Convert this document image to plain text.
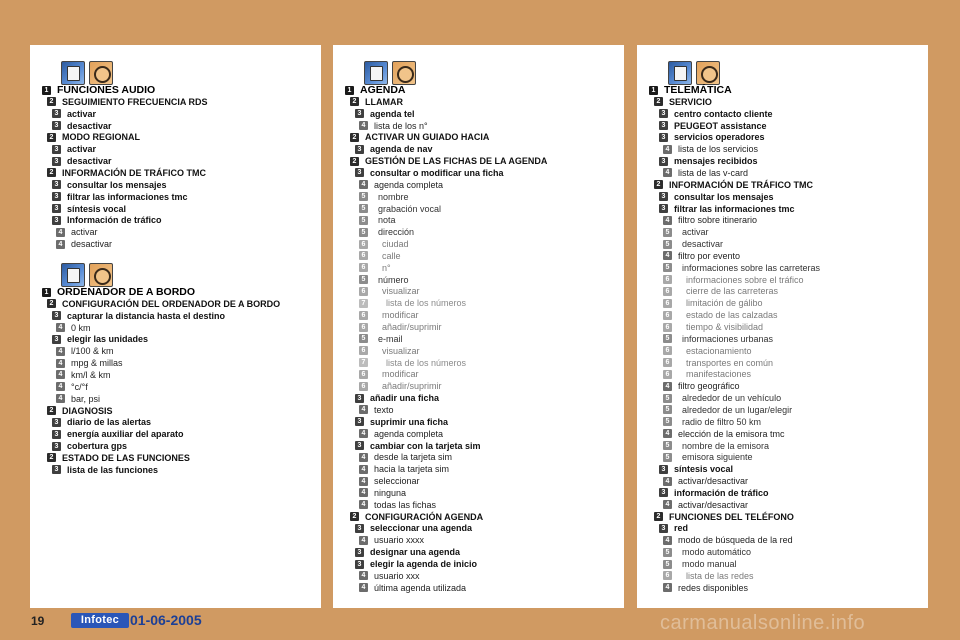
1 FUNCIONES AUDIO
2 SEGUIMIENTO FRECUENCIA RDS
3 activar
3 desactivar
2 MODO REGIONAL
3 activar
3 desactivar
2 INFORMACIÓN DE TRÁFICO TMC
3 consultar los mensajes
3 filtrar las informaciones tmc
3 síntesis vocal
3 Información de tráfico
4 activar
4 desactivar
1 ORDENADOR DE A BORDO
2 CONFIGURACIÓN DEL ORDENADOR DE A BORDO
3 capturar la distancia hasta el destino
4 0 km
3 elegir las unidades
4 l/100 & km
4 mpg & millas
4 km/l & km
4 °c/°f
4 bar, psi
2 DIAGNOSIS
3 diario de las alertas
3 energía auxiliar del aparato
3 cobertura gps
2 ESTADO DE LAS FUNCIONES
3 lista de las funciones
1 AGENDA
2 LLAMAR
3 agenda tel
4 lista de los n°
2 ACTIVAR UN GUIADO HACIA
3 agenda de nav
2 GESTIÓN DE LAS FICHAS DE LA AGENDA
3 consultar o modificar una ficha
4 agenda completa
5	nombre
5	grabación vocal
5	nota
5	dirección
6	ciudad
6	calle
6	n°
5	número
6	visualizar
7	lista de los números
6	modificar
6	añadir/suprimir
5	e-mail
6	visualizar
7	lista de los números
6	modificar
6	añadir/suprimir
3 añadir una ficha
4 texto
3 suprimir una ficha
4 agenda completa
3 cambiar con la tarjeta sim
4 desde la tarjeta sim
4 hacia la tarjeta sim
4 seleccionar
4 ninguna
4 todas las fichas
2 CONFIGURACIÓN AGENDA
3 seleccionar una agenda
4 usuario xxxx
3 designar una agenda
3 elegir la agenda de inicio
4 usuario xxx
4 última agenda utilizada
1 TELEMÁTICA
2 SERVICIO
3 centro contacto cliente
3 PEUGEOT assistance
3 servicios operadores
4 lista de los servicios
3 mensajes recibidos
4 lista de las v-card
2 INFORMACIÓN DE TRÁFICO TMC
3 consultar los mensajes
3 filtrar las informaciones tmc
4 filtro sobre itinerario
5	activar
5	desactivar
4 filtro por evento
5	informaciones sobre las carreteras
6	informaciones sobre el tráfico
6	cierre de las carreteras
6	limitación de gálibo
6	estado de las calzadas
6	tiempo & visibilidad
5	informaciones urbanas
6	estacionamiento
6	transportes en común
6	manifestaciones
4 filtro geográfico
5	alrededor de un vehículo
5	alrededor de un lugar/elegir
5	radio de filtro 50 km
4 elección de la emisora tmc
5	nombre de la emisora
5	emisora siguiente
3 síntesis vocal
4 activar/desactivar
3 información de tráfico
4 activar/desactivar
2 FUNCIONES DEL TELÉFONO
3 red
4 modo de búsqueda de la red
5	modo automático
5	modo manual
6	lista de las redes
4 redes disponibles
19	Infotec 01-06-2005	carmanualsonline.info
